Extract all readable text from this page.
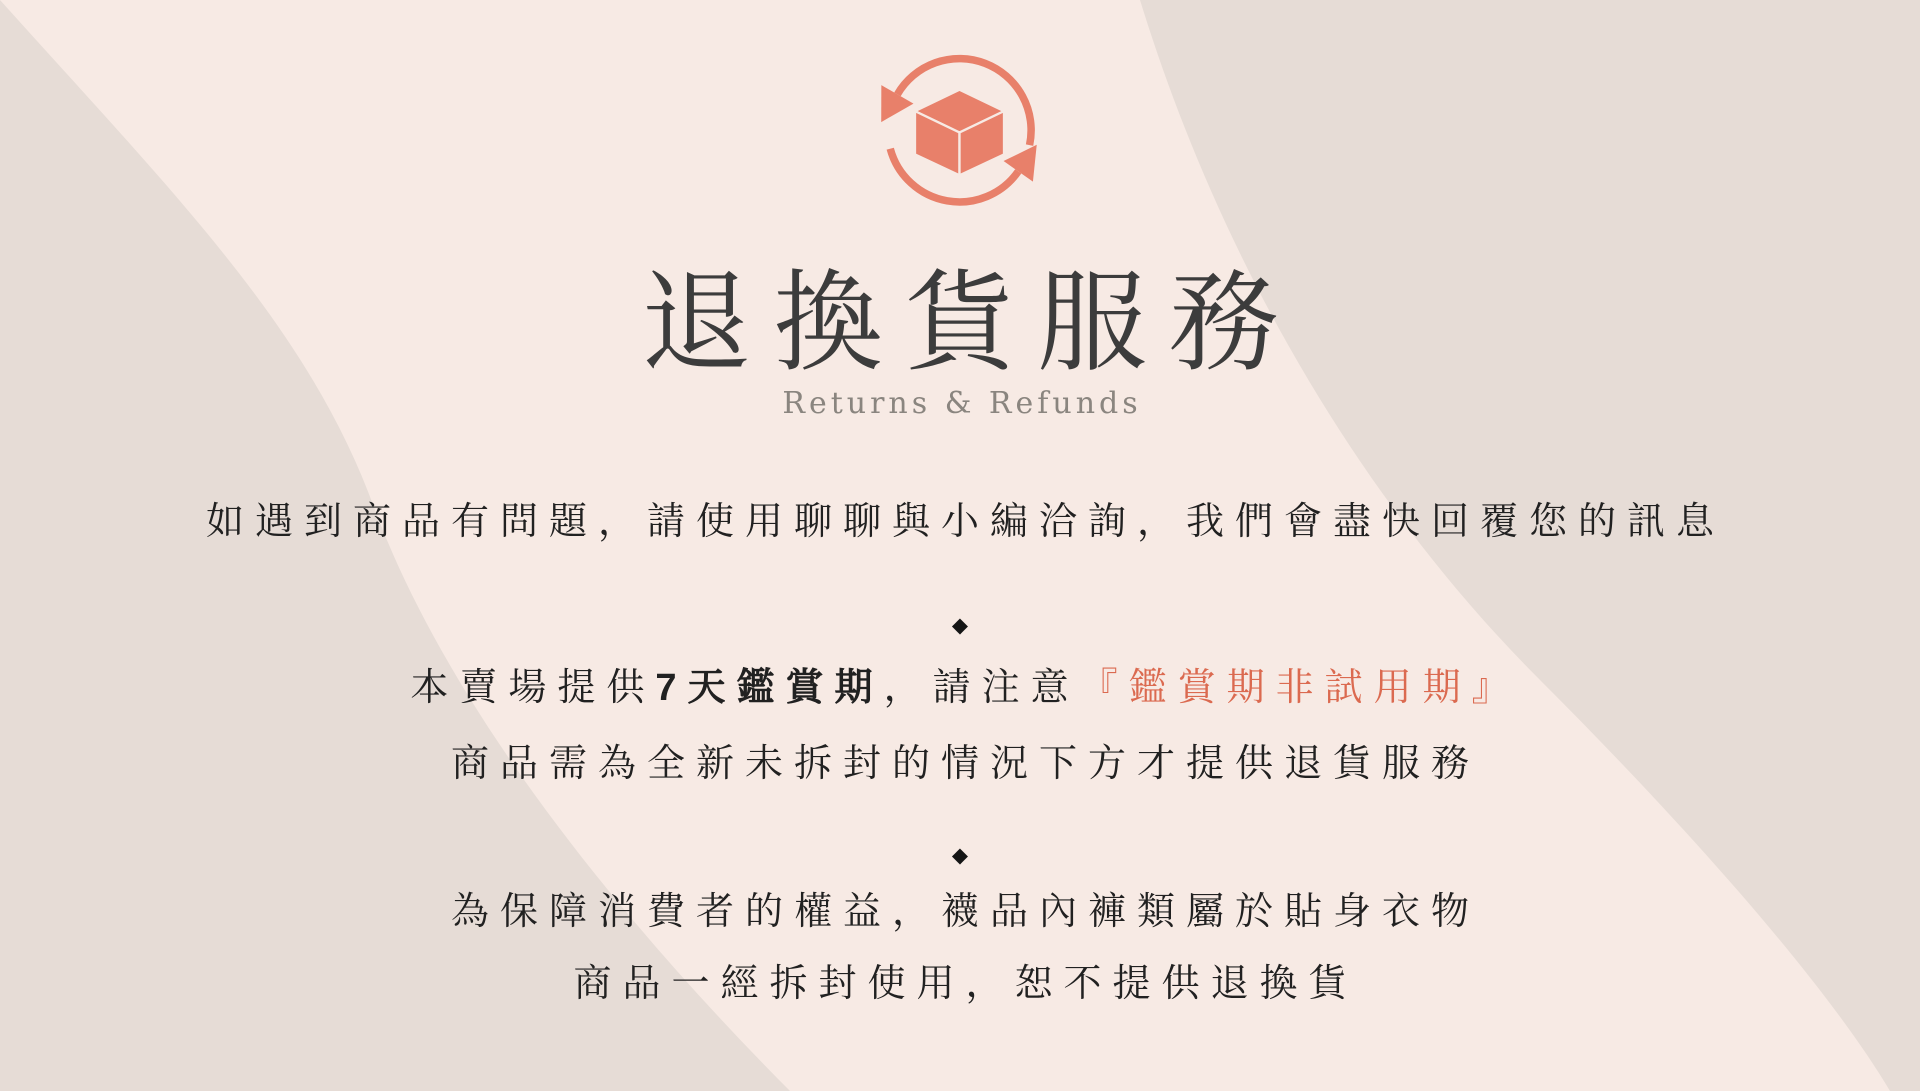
退換貨服務
Returns & Refunds
如遇到商品有問題，請使用聊聊與小編洽詢，我們會盡快回覆您的訊息
◆
本賣場提供7天鑑賞期，請注意『鑑賞期非試用期』
商品需為全新未拆封的情況下方才提供退貨服務
◆
為保障消費者的權益，襪品內褲類屬於貼身衣物
商品一經拆封使用，恕不提供退換貨
